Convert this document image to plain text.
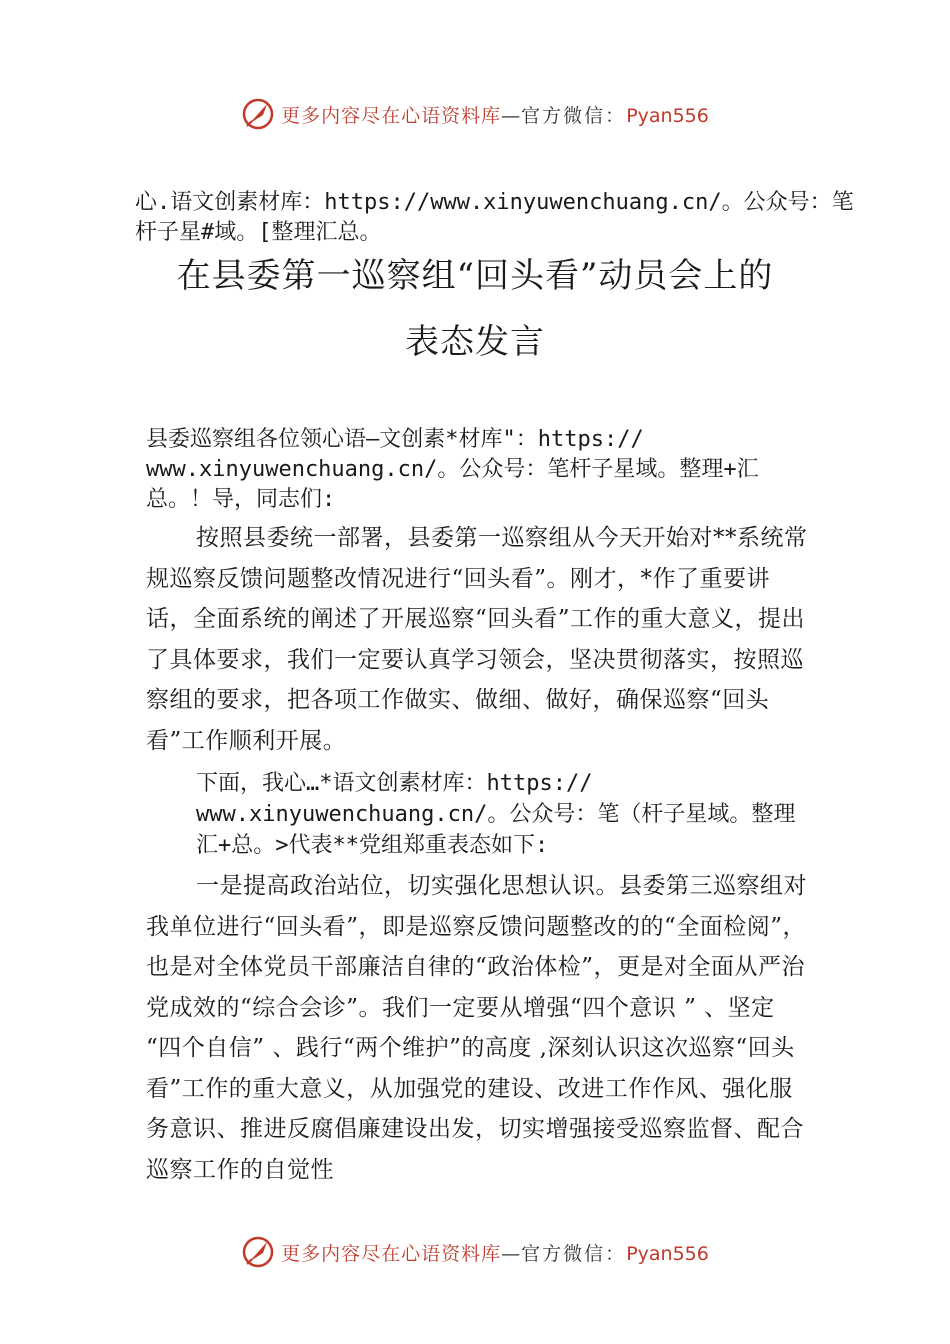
更多内容尽在心语资料库—官方微信：Pyan556
心.语文创素材库：https://www.xinyuwenchuang.cn/。公众号：笔杆子星#域。[整理汇总。
在县委第一巡察组“回头看”动员会上的
表态发言
县委巡察组各位领心语—文创素*材库"：https://
www.xinyuwenchuang.cn/。公众号：笔杆子星域。整理+汇
总。！导，同志们:
按照县委统一部署，县委第一巡察组从今天开始对**系统常规巡察反馈问题整改情况进行“回头看”。刚才，*作了重要讲话，全面系统的阐述了开展巡察“回头看”工作的重大意义，提出了具体要求，我们一定要认真学习领会，坚决贯彻落实，按照巡察组的要求，把各项工作做实、做细、做好，确保巡察“回头看”工作顺利开展。
下面，我心…*语文创素材库：https://
www.xinyuwenchuang.cn/。公众号：笔（杆子星域。整理
汇+总。>代表**党组郑重表态如下:
一是提高政治站位，切实强化思想认识。县委第三巡察组对我单位进行“回头看”，即是巡察反馈问题整改的的“全面检阅”，也是对全体党员干部廉洁自律的“政治体检”，更是对全面从严治党成效的“综合会诊”。我们一定要从增强“四个意识 ” 、坚定 “四个自信” 、践行“两个维护”的高度 ,深刻认识这次巡察“回头看”工作的重大意义，从加强党的建设、改进工作作风、强化服务意识、推进反腐倡廉建设出发，切实增强接受巡察监督、配合巡察工作的自觉性
更多内容尽在心语资料库—官方微信：Pyan556
